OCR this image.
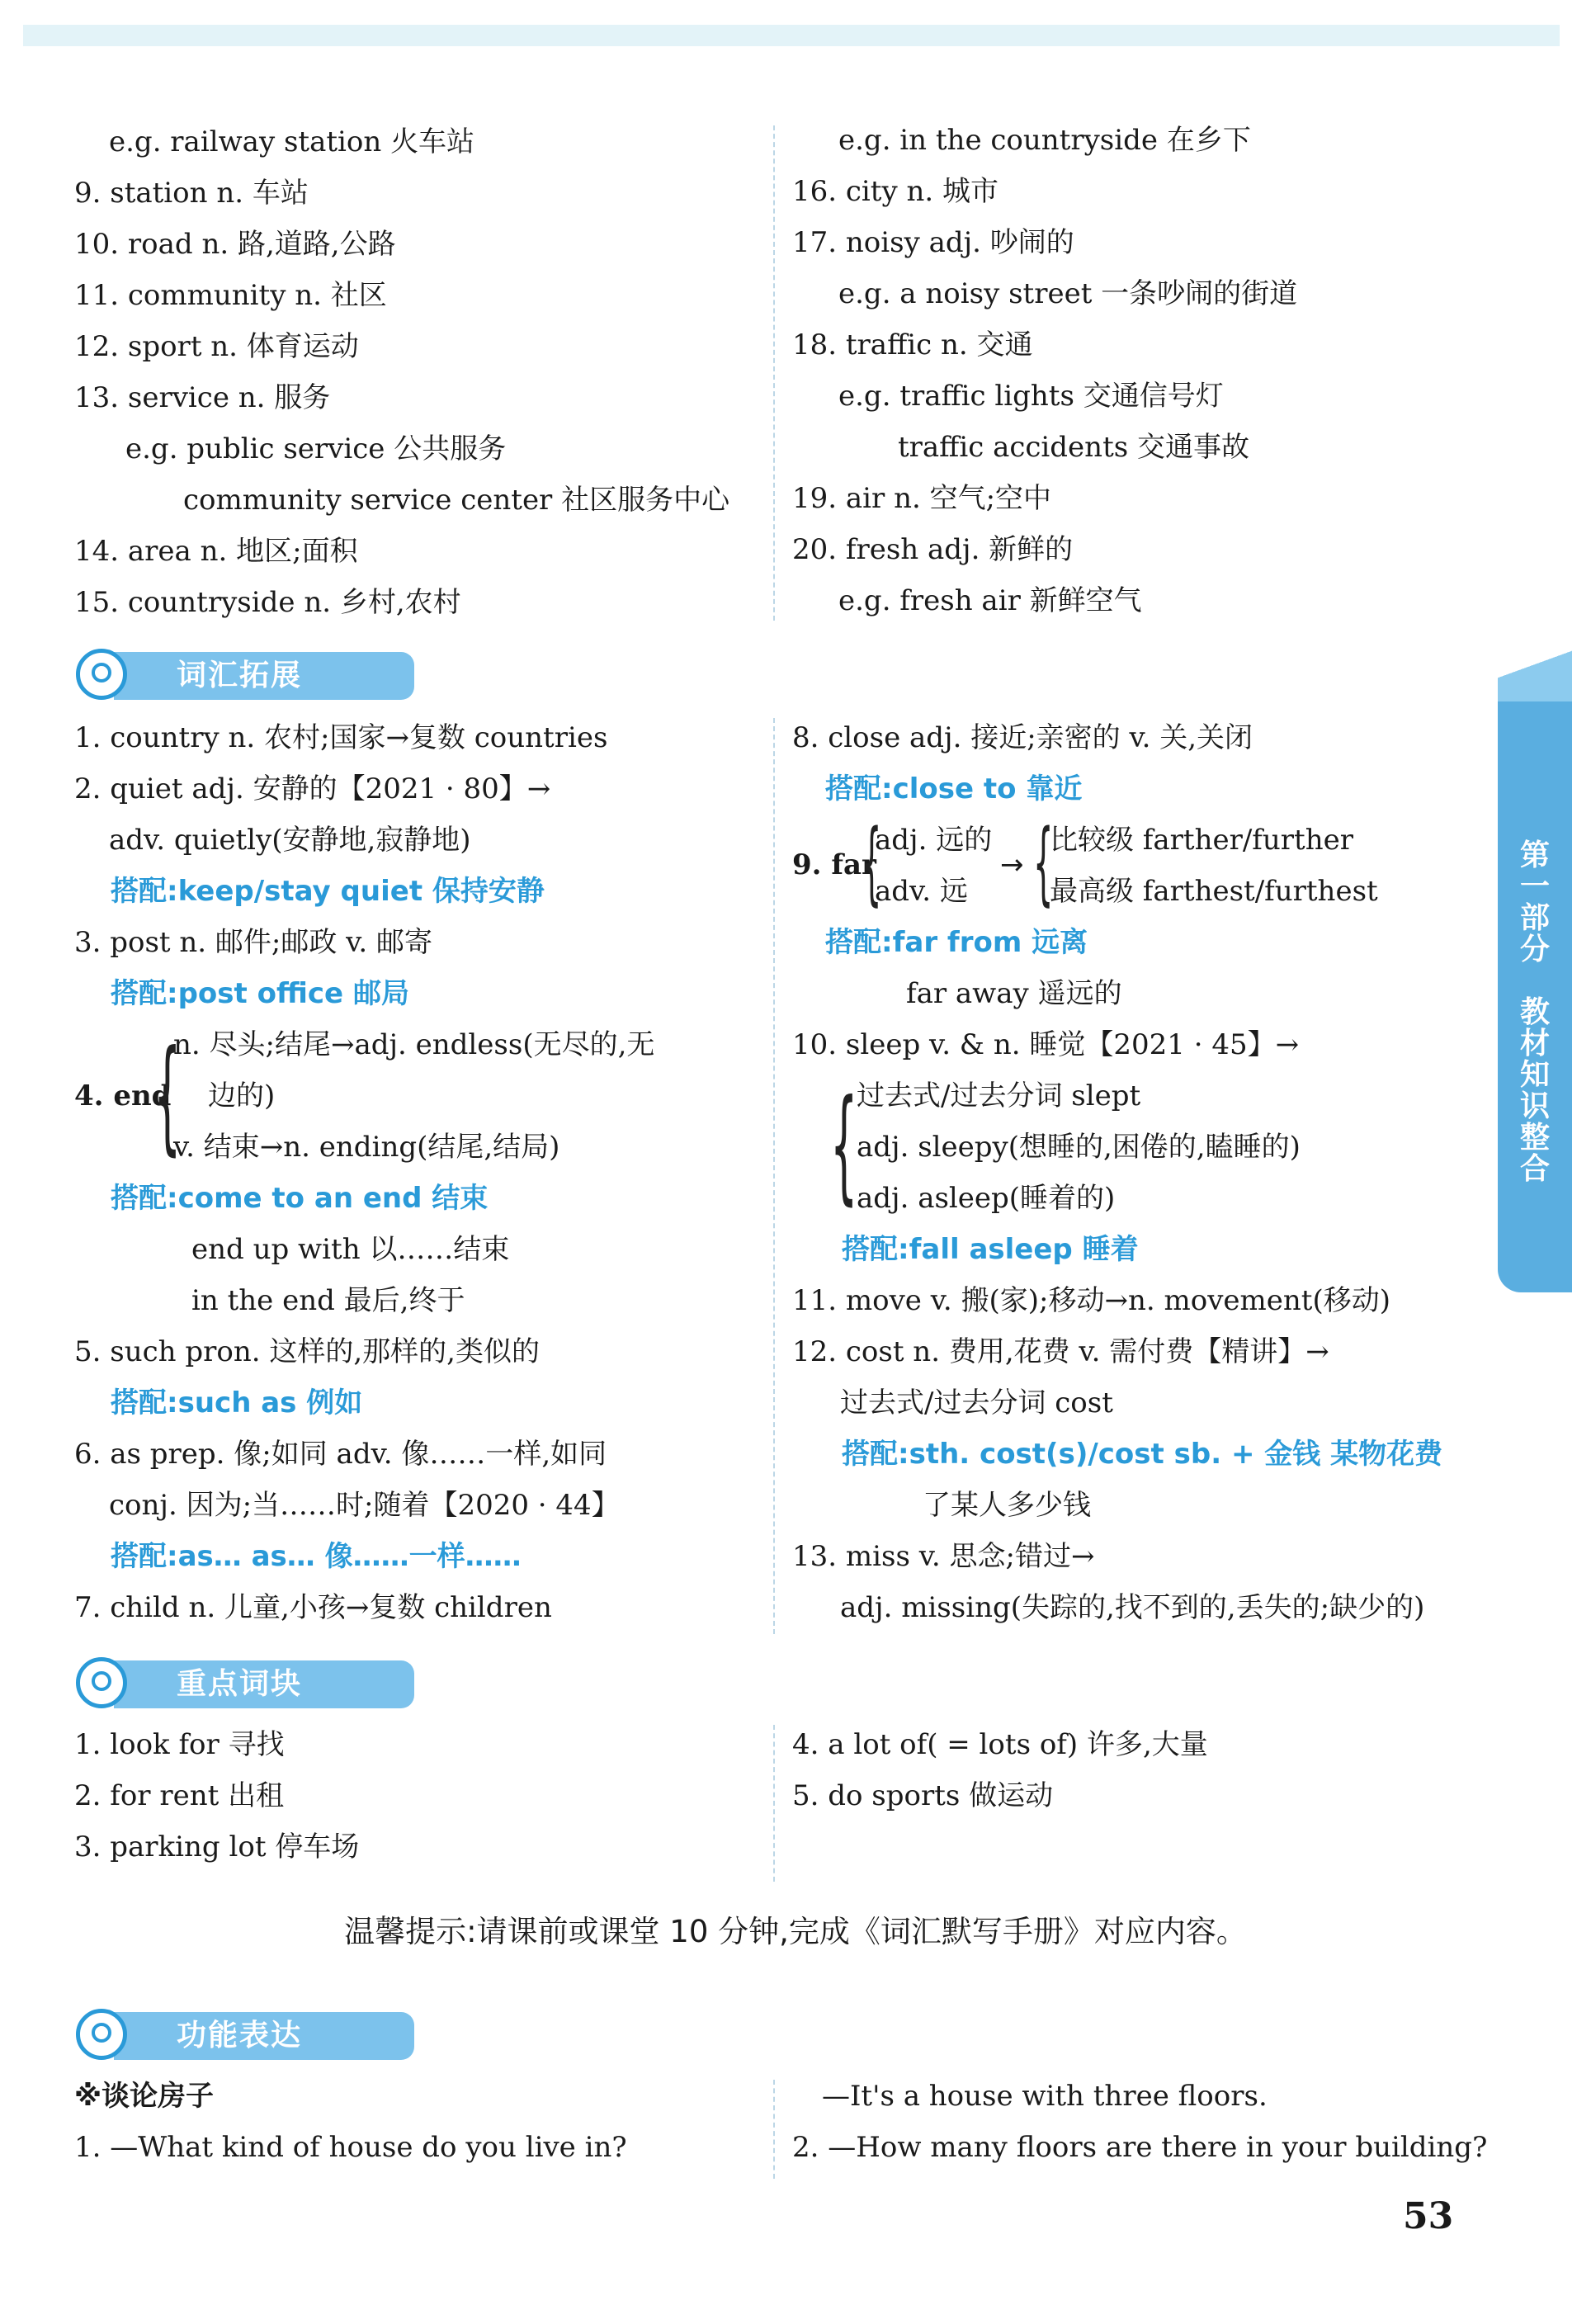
第
一
部
分

教
材
知
识
整
合
e.g. railway station 火车站
9. station n. 车站
10. road n. 路,道路,公路
11. community n. 社区
12. sport n. 体育运动
13. service n. 服务
e.g. public service 公共服务
community service center 社区服务中心
14. area n. 地区;面积
15. countryside n. 乡村,农村
e.g. in the countryside 在乡下
16. city n. 城市
17. noisy adj. 吵闹的
e.g. a noisy street 一条吵闹的街道
18. traffic n. 交通
e.g. traffic lights 交通信号灯
traffic accidents 交通事故
19. air n. 空气;空中
20. fresh adj. 新鲜的
e.g. fresh air 新鲜空气
词汇拓展
1. country n. 农村;国家→复数 countries
2. quiet adj. 安静的【2021 · 80】→
adv. quietly(安静地,寂静地)
搭配:keep/stay quiet 保持安静
3. post n. 邮件;邮政 v. 邮寄
搭配:post office 邮局
n. 尽头;结尾→adj. endless(无尽的,无
4. end
{ 边的)
v. 结束→n. ending(结尾,结局)
搭配:come to an end 结束
end up with 以……结束
in the end 最后,终于
5. such pron. 这样的,那样的,类似的
搭配:such as 例如
6. as prep. 像;如同 adv. 像……一样,如同
conj. 因为;当……时;随着【2020 · 44】
搭配:as… as… 像……一样……
7. child n. 儿童,小孩→复数 children
8. close adj. 接近;亲密的 v. 关,关闭
搭配:close to 靠近
9. far
{
adj. 远的
adv. 远
→ {
比较级 farther/further
最高级 farthest/furthest
搭配:far from 远离
far away 遥远的
10. sleep v. & n. 睡觉【2021 · 45】→
{
过去式/过去分词 slept
adj. sleepy(想睡的,困倦的,瞌睡的)
adj. asleep(睡着的)
搭配:fall asleep 睡着
11. move v. 搬(家);移动→n. movement(移动)
12. cost n. 费用,花费 v. 需付费【精讲】→
过去式/过去分词 cost
搭配:sth. cost(s)/cost sb. + 金钱 某物花费
了某人多少钱
13. miss v. 思念;错过→
adj. missing(失踪的,找不到的,丢失的;缺少的)
重点词块
1. look for 寻找
2. for rent 出租
3. parking lot 停车场
4. a lot of( = lots of) 许多,大量
5. do sports 做运动
温馨提示:请课前或课堂 10 分钟,完成《词汇默写手册》对应内容。
功能表达
※谈论房子
1. —What kind of house do you live in?
—It's a house with three floors.
2. —How many floors are there in your building?
53
